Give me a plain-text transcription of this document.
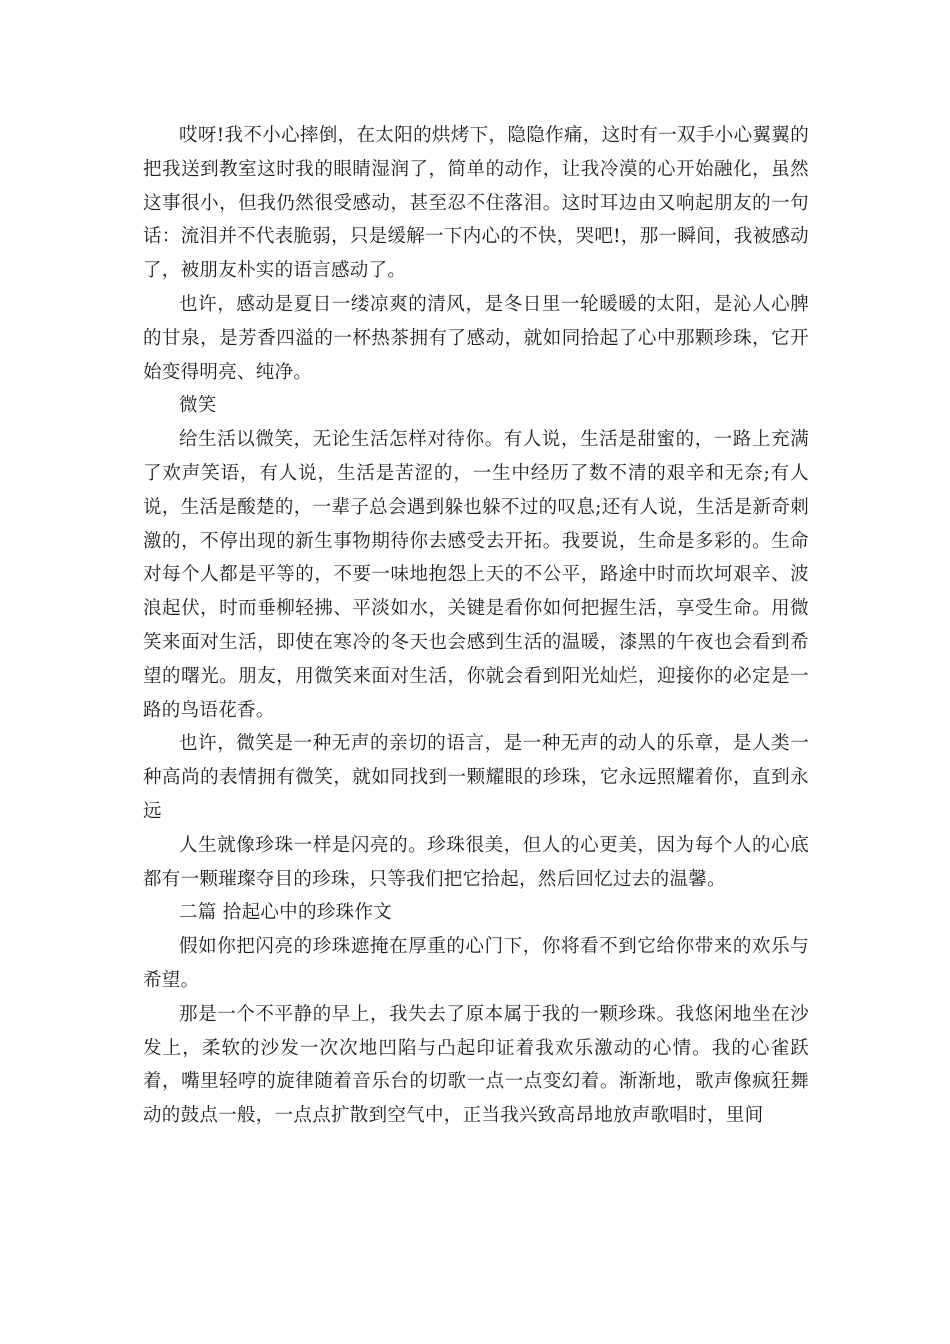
哎呀!我不小心摔倒，在太阳的烘烤下，隐隐作痛，这时有一双手小心翼翼的把我送到教室这时我的眼睛湿润了，简单的动作，让我冷漠的心开始融化，虽然这事很小，但我仍然很受感动，甚至忍不住落泪。这时耳边由又响起朋友的一句话：流泪并不代表脆弱，只是缓解一下内心的不快，哭吧!，那一瞬间，我被感动了，被朋友朴实的语言感动了。

也许，感动是夏日一缕凉爽的清风，是冬日里一轮暖暖的太阳，是沁人心脾的甘泉，是芳香四溢的一杯热茶拥有了感动，就如同拾起了心中那颗珍珠，它开始变得明亮、纯净。

微笑

给生活以微笑，无论生活怎样对待你。有人说，生活是甜蜜的，一路上充满了欢声笑语，有人说，生活是苦涩的，一生中经历了数不清的艰辛和无奈;有人说，生活是酸楚的，一辈子总会遇到躲也躲不过的叹息;还有人说，生活是新奇刺激的，不停出现的新生事物期待你去感受去开拓。我要说，生命是多彩的。生命对每个人都是平等的，不要一味地抱怨上天的不公平，路途中时而坎坷艰辛、波浪起伏，时而垂柳轻拂、平淡如水，关键是看你如何把握生活，享受生命。用微笑来面对生活，即使在寒冷的冬天也会感到生活的温暖，漆黑的午夜也会看到希望的曙光。朋友，用微笑来面对生活，你就会看到阳光灿烂，迎接你的必定是一路的鸟语花香。

也许，微笑是一种无声的亲切的语言，是一种无声的动人的乐章，是人类一种高尚的表情拥有微笑，就如同找到一颗耀眼的珍珠，它永远照耀着你，直到永远

人生就像珍珠一样是闪亮的。珍珠很美，但人的心更美，因为每个人的心底都有一颗璀璨夺目的珍珠，只等我们把它拾起，然后回忆过去的温馨。

二篇 拾起心中的珍珠作文

假如你把闪亮的珍珠遮掩在厚重的心门下，你将看不到它给你带来的欢乐与希望。

那是一个不平静的早上，我失去了原本属于我的一颗珍珠。我悠闲地坐在沙发上，柔软的沙发一次次地凹陷与凸起印证着我欢乐激动的心情。我的心雀跃着，嘴里轻哼的旋律随着音乐台的切歌一点一点变幻着。渐渐地，歌声像疯狂舞动的鼓点一般，一点点扩散到空气中，正当我兴致高昂地放声歌唱时，里间
